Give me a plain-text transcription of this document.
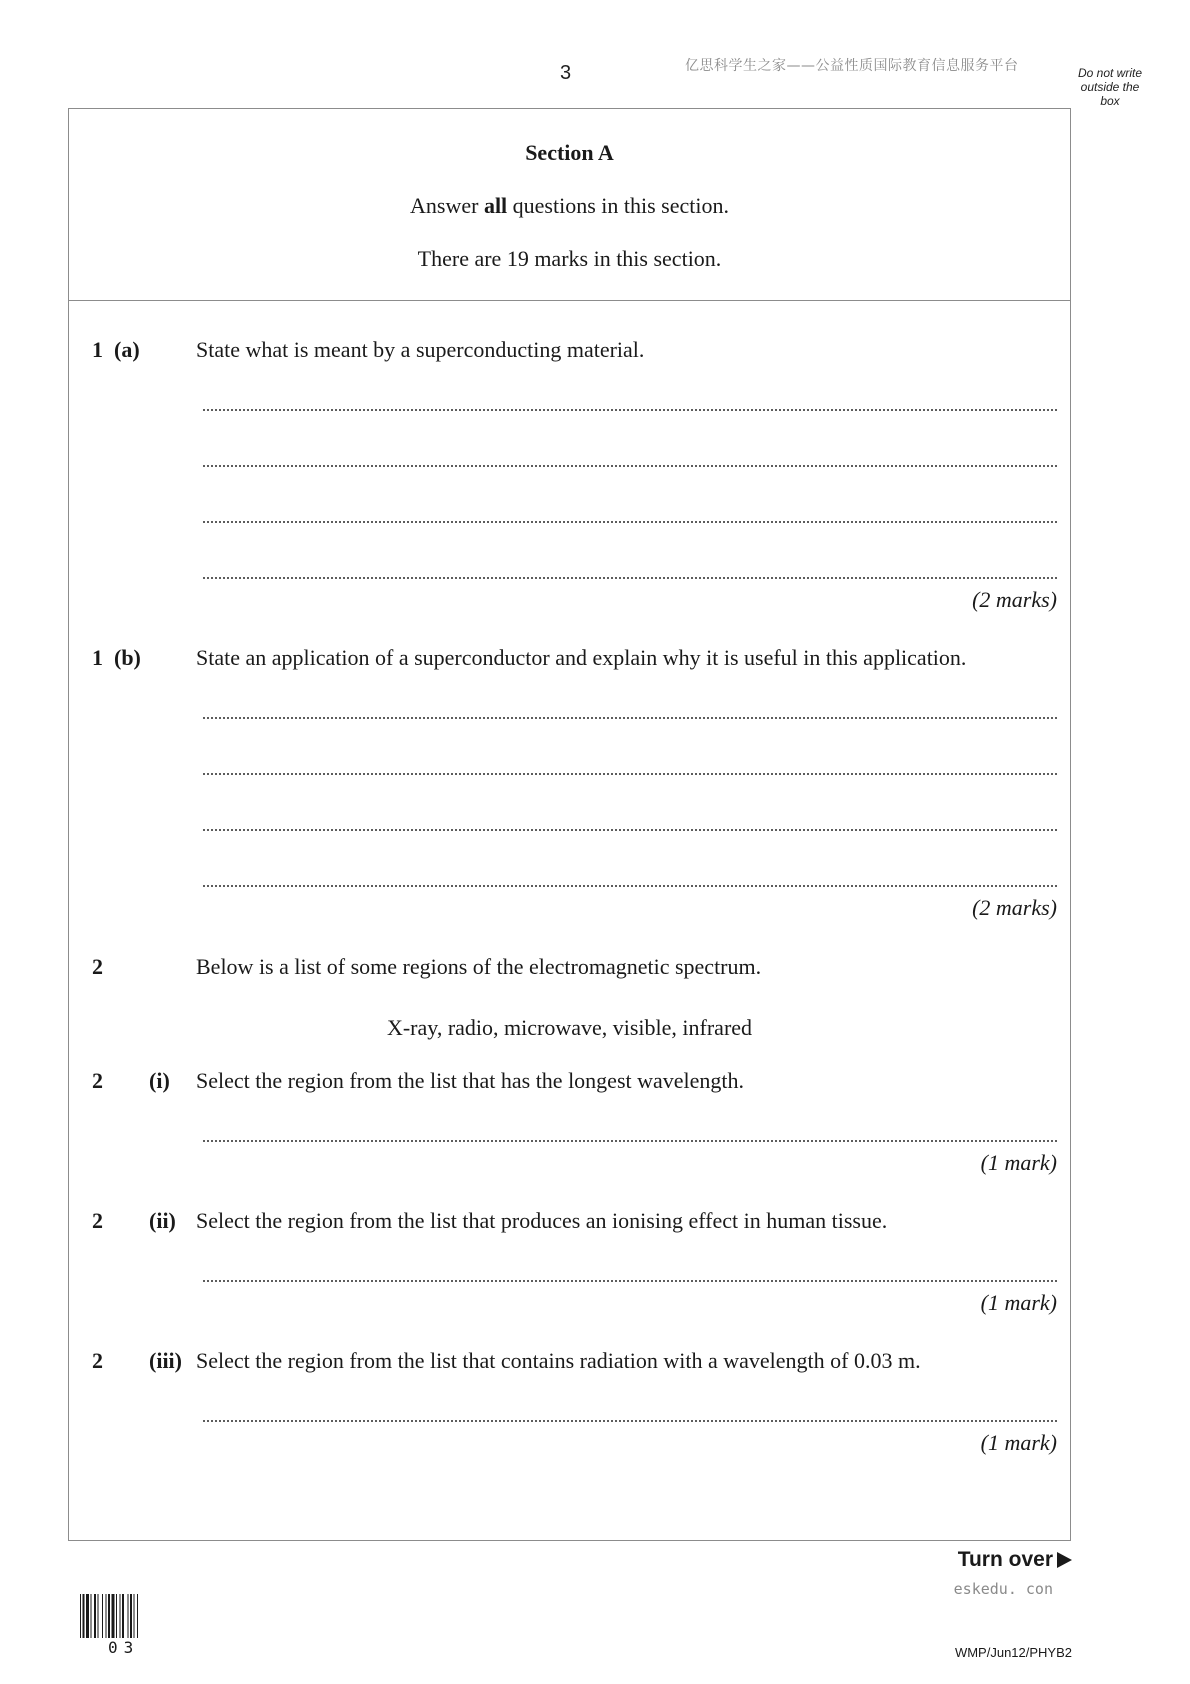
3	亿思科学生之家——公益性质国际教育信息服务平台	Do not write
outside the
box
Section A
Answer all questions in this section.
There are 19 marks in this section.
1 (a)	State what is meant by a superconducting material.
(2 marks)
1 (b)	State an application of a superconductor and explain why it is useful in this application.
(2 marks)
2	Below is a list of some regions of the electromagnetic spectrum.
X-ray, radio, microwave, visible, infrared
2 (i) Select the region from the list that has the longest wavelength.
(1 mark)
2 (ii) Select the region from the list that produces an ionising effect in human tissue.
(1 mark)
2 (iii) Select the region from the list that contains radiation with a wavelength of 0.03 m.
(1 mark)
Turn over
eskedu. con
WMP/Jun12/PHYB2
03
